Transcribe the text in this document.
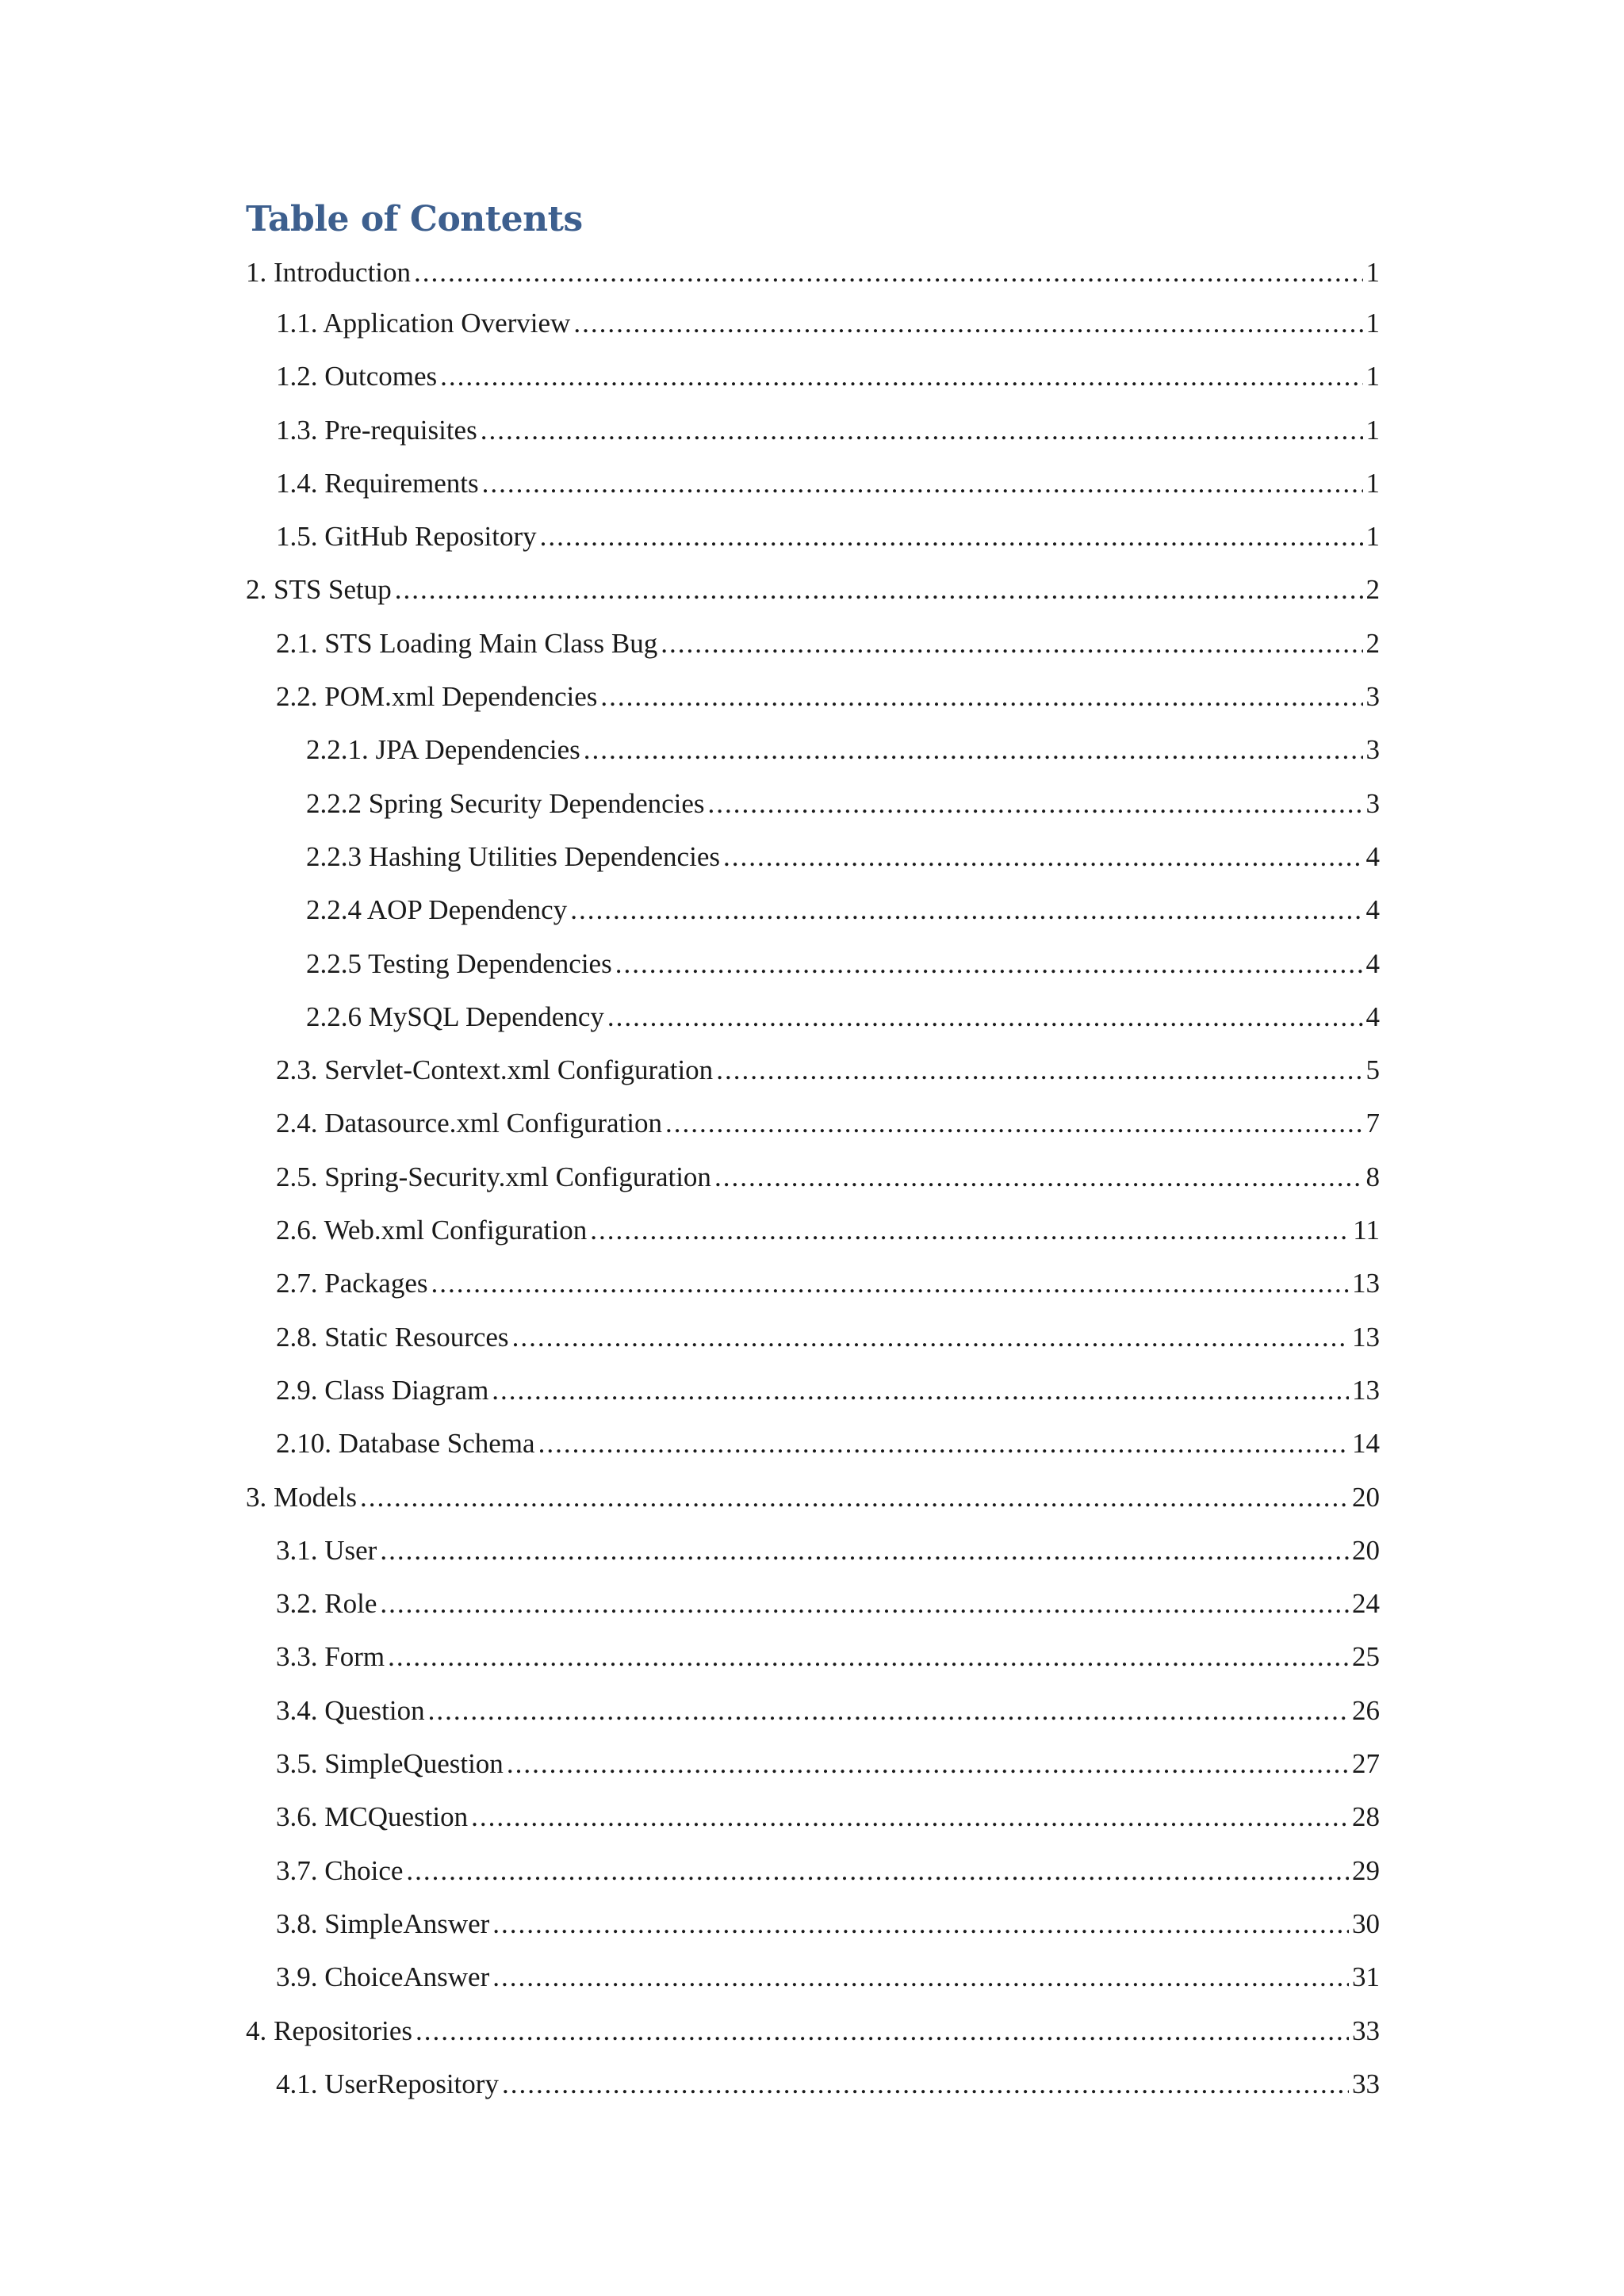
Table of Contents
1. Introduction .....	1
1.1. Application Overview .....	1
1.2. Outcomes .....	1
1.3. Pre-requisites .....	1
1.4. Requirements .....	1
1.5. GitHub Repository .....	1
2. STS Setup .....	2
2.1. STS Loading Main Class Bug .....	2
2.2. POM.xml Dependencies .....	3
2.2.1. JPA Dependencies .....	3
2.2.2 Spring Security Dependencies .....	3
2.2.3 Hashing Utilities Dependencies .....	4
2.2.4 AOP Dependency .....	4
2.2.5 Testing Dependencies .....	4
2.2.6 MySQL Dependency .....	4
2.3. Servlet-Context.xml Configuration .....	5
2.4. Datasource.xml Configuration .....	7
2.5. Spring-Security.xml Configuration .....	8
2.6. Web.xml Configuration .....	11
2.7. Packages .....	13
2.8. Static Resources .....	13
2.9. Class Diagram .....	13
2.10. Database Schema .....	14
3. Models .....	20
3.1. User .....	20
3.2. Role .....	24
3.3. Form .....	25
3.4. Question .....	26
3.5. SimpleQuestion .....	27
3.6. MCQuestion .....	28
3.7. Choice .....	29
3.8. SimpleAnswer .....	30
3.9. ChoiceAnswer .....	31
4. Repositories .....	33
4.1. UserRepository .....	33
